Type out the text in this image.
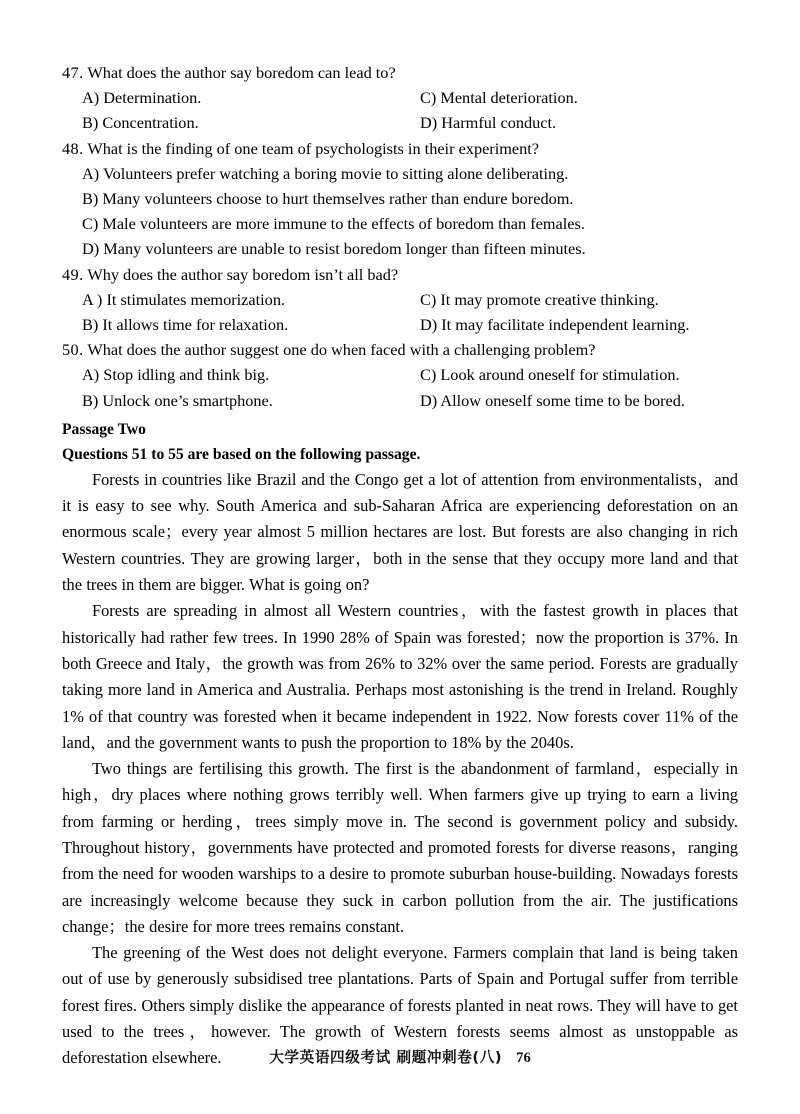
47. What does the author say boredom can lead to?
A) Determination.	C) Mental deterioration.
B) Concentration.	D) Harmful conduct.
48. What is the finding of one team of psychologists in their experiment?
A) Volunteers prefer watching a boring movie to sitting alone deliberating.
B) Many volunteers choose to hurt themselves rather than endure boredom.
C) Male volunteers are more immune to the effects of boredom than females.
D) Many volunteers are unable to resist boredom longer than fifteen minutes.
49. Why does the author say boredom isn’t all bad?
A ) It stimulates memorization.	C) It may promote creative thinking.
B) It allows time for relaxation.	D) It may facilitate independent learning.
50. What does the author suggest one do when faced with a challenging problem?
A) Stop idling and think big.	C) Look around oneself for stimulation.
B) Unlock one’s smartphone.	D) Allow oneself some time to be bored.
Passage Two
Questions 51 to 55 are based on the following passage.

Forests in countries like Brazil and the Congo get a lot of attention from environmentalists，and it is easy to see why. South America and sub-Saharan Africa are experiencing deforestation on an enormous scale；every year almost 5 million hectares are lost. But forests are also changing in rich Western countries. They are growing larger，both in the sense that they occupy more land and that the trees in them are bigger. What is going on?

Forests are spreading in almost all Western countries，with the fastest growth in places that historically had rather few trees. In 1990 28% of Spain was forested；now the proportion is 37%. In both Greece and Italy，the growth was from 26% to 32% over the same period. Forests are gradually taking more land in America and Australia. Perhaps most astonishing is the trend in Ireland. Roughly 1% of that country was forested when it became independent in 1922. Now forests cover 11% of the land，and the government wants to push the proportion to 18% by the 2040s.

Two things are fertilising this growth. The first is the abandonment of farmland，especially in high，dry places where nothing grows terribly well. When farmers give up trying to earn a living from farming or herding，trees simply move in. The second is government policy and subsidy. Throughout history，governments have protected and promoted forests for diverse reasons，ranging from the need for wooden warships to a desire to promote suburban house-building. Nowadays forests are increasingly welcome because they suck in carbon pollution from the air. The justifications change；the desire for more trees remains constant.

The greening of the West does not delight everyone. Farmers complain that land is being taken out of use by generously subsidised tree plantations. Parts of Spain and Portugal suffer from terrible forest fires. Others simply dislike the appearance of forests planted in neat rows. They will have to get used to the trees，however. The growth of Western forests seems almost as unstoppable as deforestation elsewhere.	大学英语四级考试 刷题冲刺卷(八) 76
